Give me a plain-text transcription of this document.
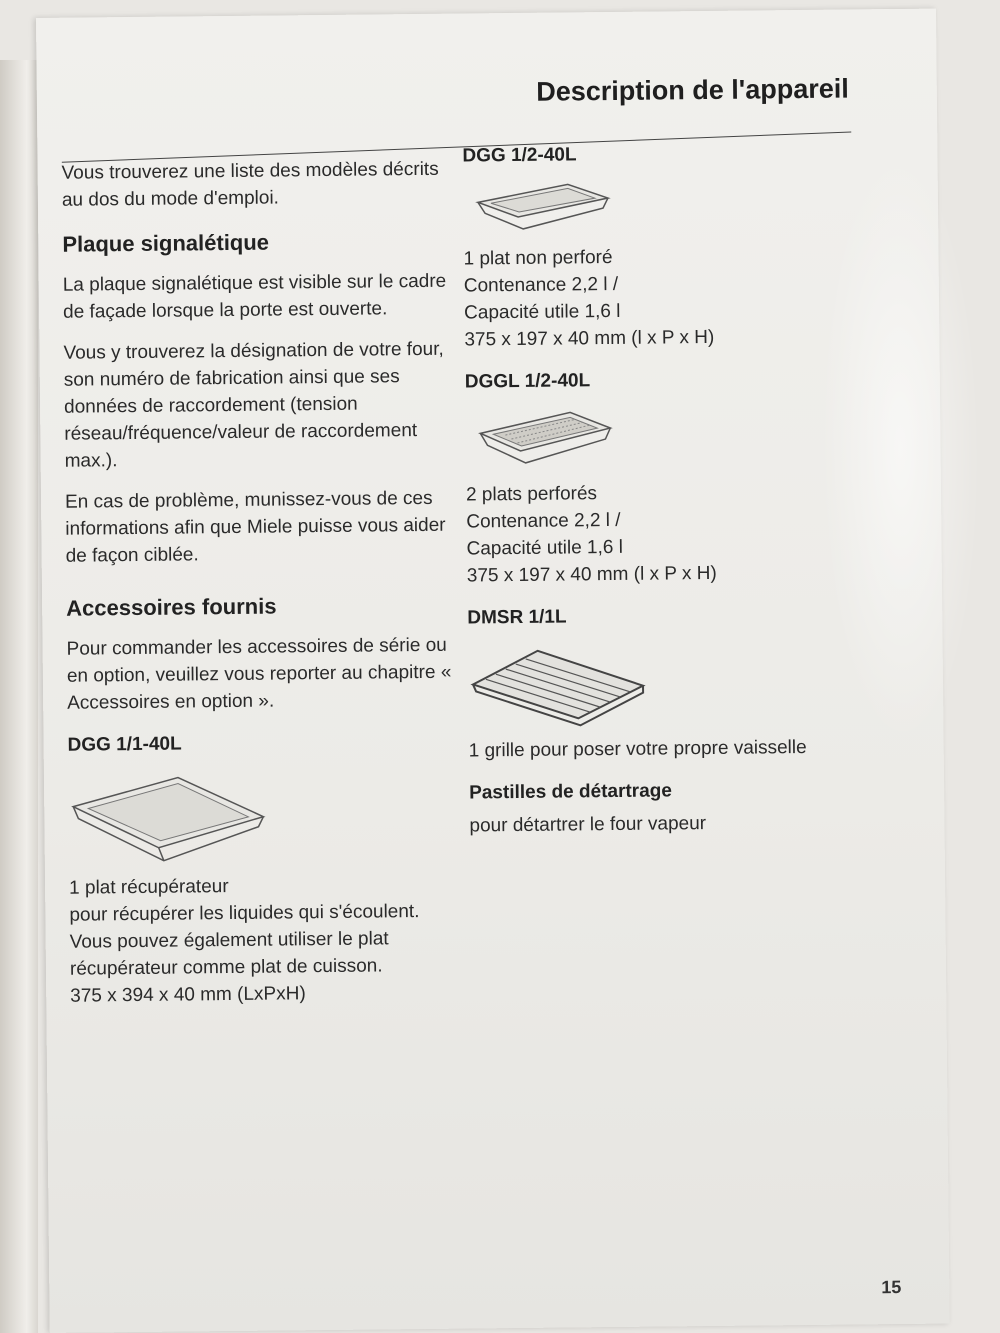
Description de l'appareil

Vous trouverez une liste des modèles décrits au dos du mode d'emploi.

Plaque signalétique

La plaque signalétique est visible sur le cadre de façade lorsque la porte est ouverte.

Vous y trouverez la désignation de votre four, son numéro de fabrication ainsi que ses données de raccordement (tension réseau/fréquence/valeur de raccordement max.).

En cas de problème, munissez-vous de ces informations afin que Miele puisse vous aider de façon ciblée.

Accessoires fournis

Pour commander les accessoires de série ou en option, veuillez vous reporter au chapitre « Accessoires en option ».

DGG 1/1-40L

1 plat récupérateur

pour récupérer les liquides qui s'écoulent.

Vous pouvez également utiliser le plat récupérateur comme plat de cuisson.

375 x 394 x 40 mm (LxPxH)

DGG 1/2-40L

1 plat non perforé

Contenance 2,2 l /

Capacité utile 1,6 l

375 x 197 x 40 mm (l x P x H)

DGGL 1/2-40L

2 plats perforés

Contenance 2,2 l /

Capacité utile 1,6 l

375 x 197 x 40 mm (l x P x H)

DMSR 1/1L

1 grille pour poser votre propre vaisselle

Pastilles de détartrage

pour détartrer le four vapeur

15
